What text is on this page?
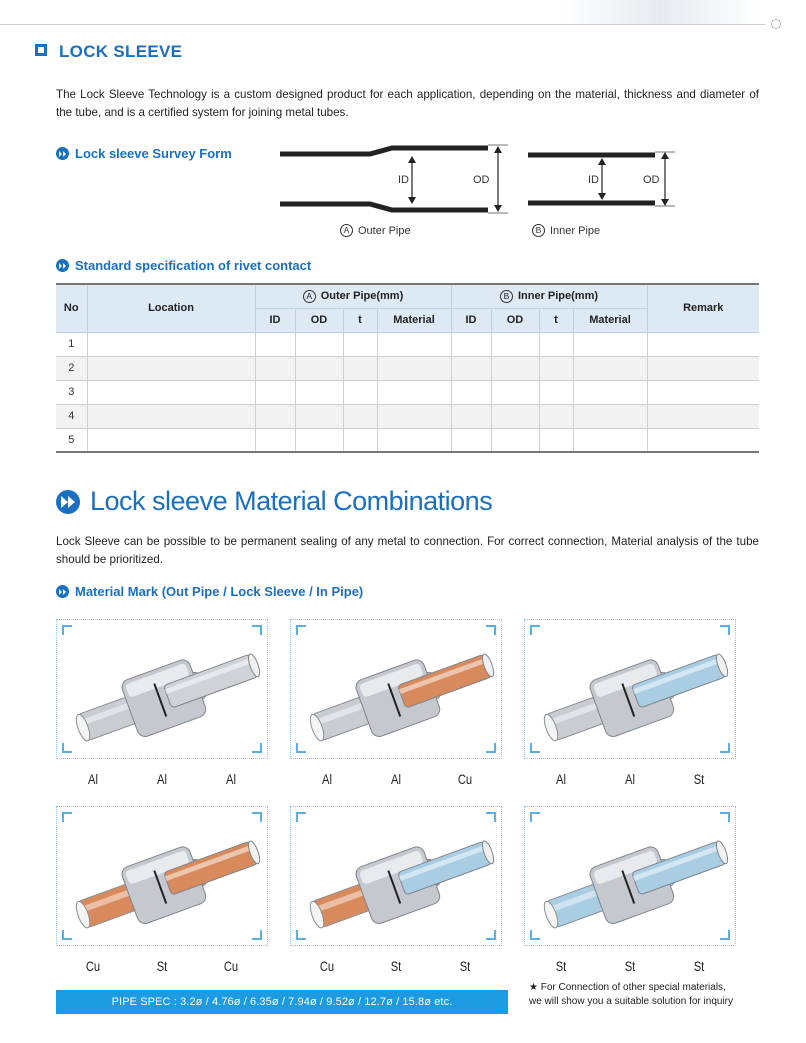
LOCK SLEEVE
The Lock Sleeve Technology is a custom designed product for each application, depending on the material, thickness and diameter of the tube, and is a certified system for joining metal tubes.
Lock sleeve Survey Form
ID	OD	ID	OD
A Outer Pipe	B Inner Pipe
Standard specification of rivet contact
No	Location	A Outer Pipe(mm)				B Inner Pipe(mm)				Remark
		ID	OD	t	Material	ID	OD	t	Material	
1										
2										
3										
4										
5										
Lock sleeve Material Combinations
Lock Sleeve can be possible to be permanent sealing of any metal to connection. For correct connection, Material analysis of the tube should be prioritized.
Material Mark (Out Pipe / Lock Sleeve / In Pipe)
Al	Al	Al	Al	Al	Cu	Al	Al	St
Cu	St	Cu	Cu	St	St	St	St	St
PIPE SPEC : 3.2ø / 4.76ø / 6.35ø / 7.94ø / 9.52ø / 12.7ø / 15.8ø etc.
★ For Connection of other special materials,
we will show you a suitable solution for inquiry
